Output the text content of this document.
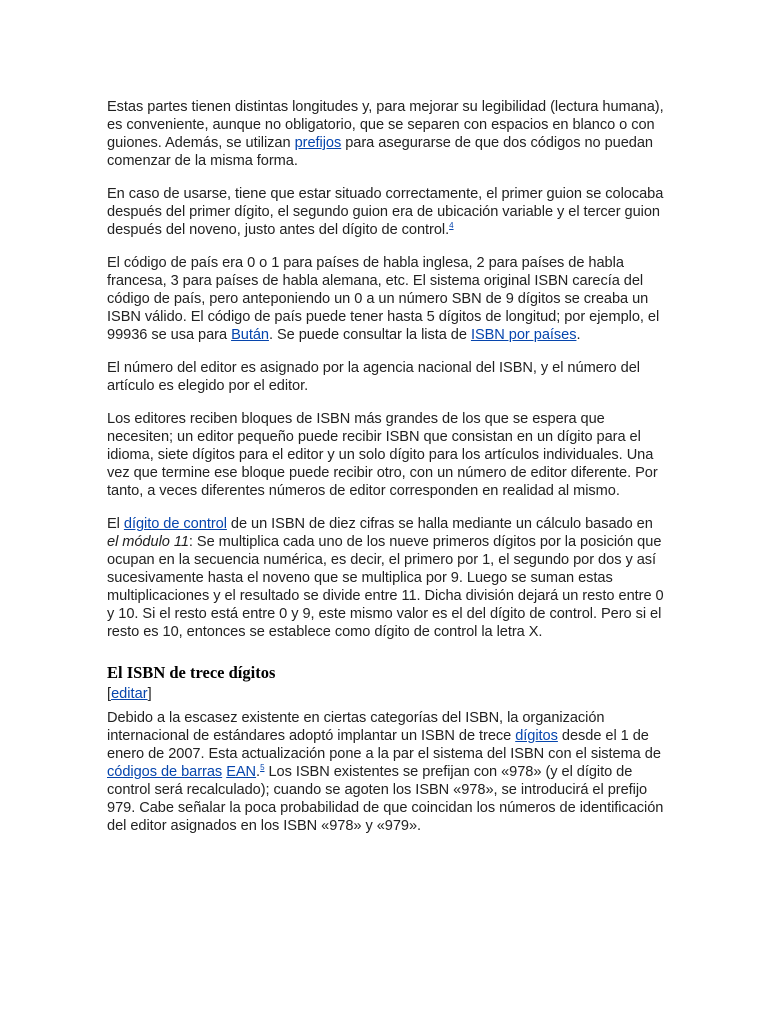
Estas partes tienen distintas longitudes y, para mejorar su legibilidad (lectura humana), es conveniente, aunque no obligatorio, que se separen con espacios en blanco o con guiones. Además, se utilizan prefijos para asegurarse de que dos códigos no puedan comenzar de la misma forma.

En caso de usarse, tiene que estar situado correctamente, el primer guion se colocaba después del primer dígito, el segundo guion era de ubicación variable y el tercer guion después del noveno, justo antes del dígito de control.$^4$

El código de país era 0 o 1 para países de habla inglesa, 2 para países de habla francesa, 3 para países de habla alemana, etc. El sistema original ISBN carecía del código de país, pero anteponiendo un 0 a un número SBN de 9 dígitos se creaba un ISBN válido. El código de país puede tener hasta 5 dígitos de longitud; por ejemplo, el 99936 se usa para Bután. Se puede consultar la lista de ISBN por países.

El número del editor es asignado por la agencia nacional del ISBN, y el número del artículo es elegido por el editor.

Los editores reciben bloques de ISBN más grandes de los que se espera que necesiten; un editor pequeño puede recibir ISBN que consistan en un dígito para el idioma, siete dígitos para el editor y un solo dígito para los artículos individuales. Una vez que termine ese bloque puede recibir otro, con un número de editor diferente. Por tanto, a veces diferentes números de editor corresponden en realidad al mismo.

El dígito de control de un ISBN de diez cifras se halla mediante un cálculo basado en el módulo 11: Se multiplica cada uno de los nueve primeros dígitos por la posición que ocupan en la secuencia numérica, es decir, el primero por 1, el segundo por dos y así sucesivamente hasta el noveno que se multiplica por 9. Luego se suman estas multiplicaciones y el resultado se divide entre 11. Dicha división dejará un resto entre 0 y 10. Si el resto está entre 0 y 9, este mismo valor es el del dígito de control. Pero si el resto es 10, entonces se establece como dígito de control la letra X.

El ISBN de trece dígitos
[editar]

Debido a la escasez existente en ciertas categorías del ISBN, la organización internacional de estándares adoptó implantar un ISBN de trece dígitos desde el 1 de enero de 2007. Esta actualización pone a la par el sistema del ISBN con el sistema de códigos de barras EAN.$^5$ Los ISBN existentes se prefijan con «978» (y el dígito de control será recalculado); cuando se agoten los ISBN «978», se introducirá el prefijo 979. Cabe señalar la poca probabilidad de que coincidan los números de identificación del editor asignados en los ISBN «978» y «979».
